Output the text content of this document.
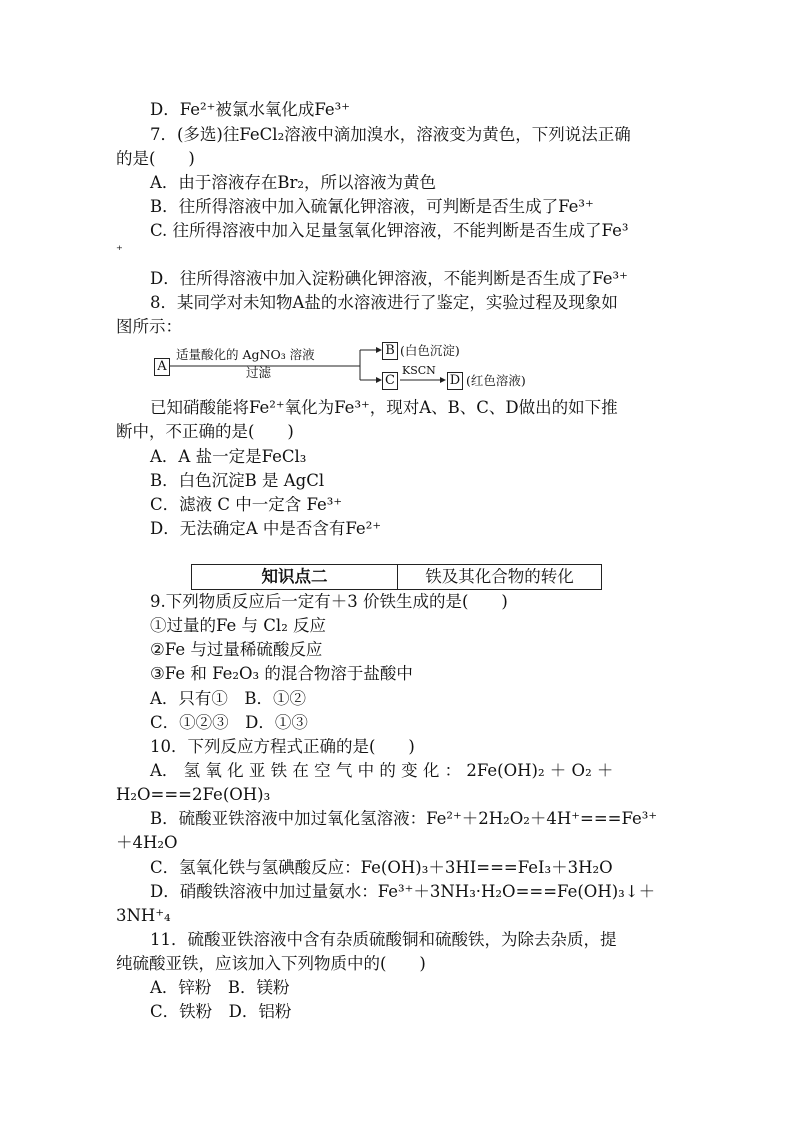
D．Fe²⁺被氯水氧化成Fe³⁺
7．(多选)往FeCl₂溶液中滴加溴水，溶液变为黄色，下列说法正确
的是(　　)
A．由于溶液存在Br₂，所以溶液为黄色
B．往所得溶液中加入硫氰化钾溶液，可判断是否生成了Fe³⁺
C. 往所得溶液中加入足量氢氧化钾溶液，不能判断是否生成了Fe³
⁺
D．往所得溶液中加入淀粉碘化钾溶液，不能判断是否生成了Fe³⁺
8．某同学对未知物A盐的水溶液进行了鉴定，实验过程及现象如
图所示：
A
适量酸化的 AgNO₃ 溶液
过滤
B (白色沉淀)
C
KSCN
D (红色溶液)
已知硝酸能将Fe²⁺氧化为Fe³⁺，现对A、B、C、D做出的如下推
断中，不正确的是(　　)
A．A 盐一定是FeCl₃
B．白色沉淀B 是 AgCl
C．滤液 C 中一定含 Fe³⁺
D．无法确定A 中是否含有Fe²⁺
知识点二	铁及其化合物的转化
9.下列物质反应后一定有＋3 价铁生成的是(　　)
①过量的Fe 与 Cl₂ 反应
②Fe 与过量稀硫酸反应
③Fe 和 Fe₂O₃ 的混合物溶于盐酸中
A．只有①　B．①②
C．①②③　D．①③
10．下列反应方程式正确的是(　　)
A． 氢 氧 化 亚 铁 在 空 气 中 的 变 化 ： 2Fe(OH)₂ ＋ O₂ ＋
H₂O===2Fe(OH)₃
B．硫酸亚铁溶液中加过氧化氢溶液：Fe²⁺＋2H₂O₂＋4H⁺===Fe³⁺
＋4H₂O
C．氢氧化铁与氢碘酸反应：Fe(OH)₃＋3HI===FeI₃＋3H₂O
D．硝酸铁溶液中加过量氨水：Fe³⁺＋3NH₃·H₂O===Fe(OH)₃↓＋
3NH⁺₄
11．硫酸亚铁溶液中含有杂质硫酸铜和硫酸铁，为除去杂质，提
纯硫酸亚铁，应该加入下列物质中的(　　)
A．锌粉　B．镁粉
C．铁粉　D．铝粉
